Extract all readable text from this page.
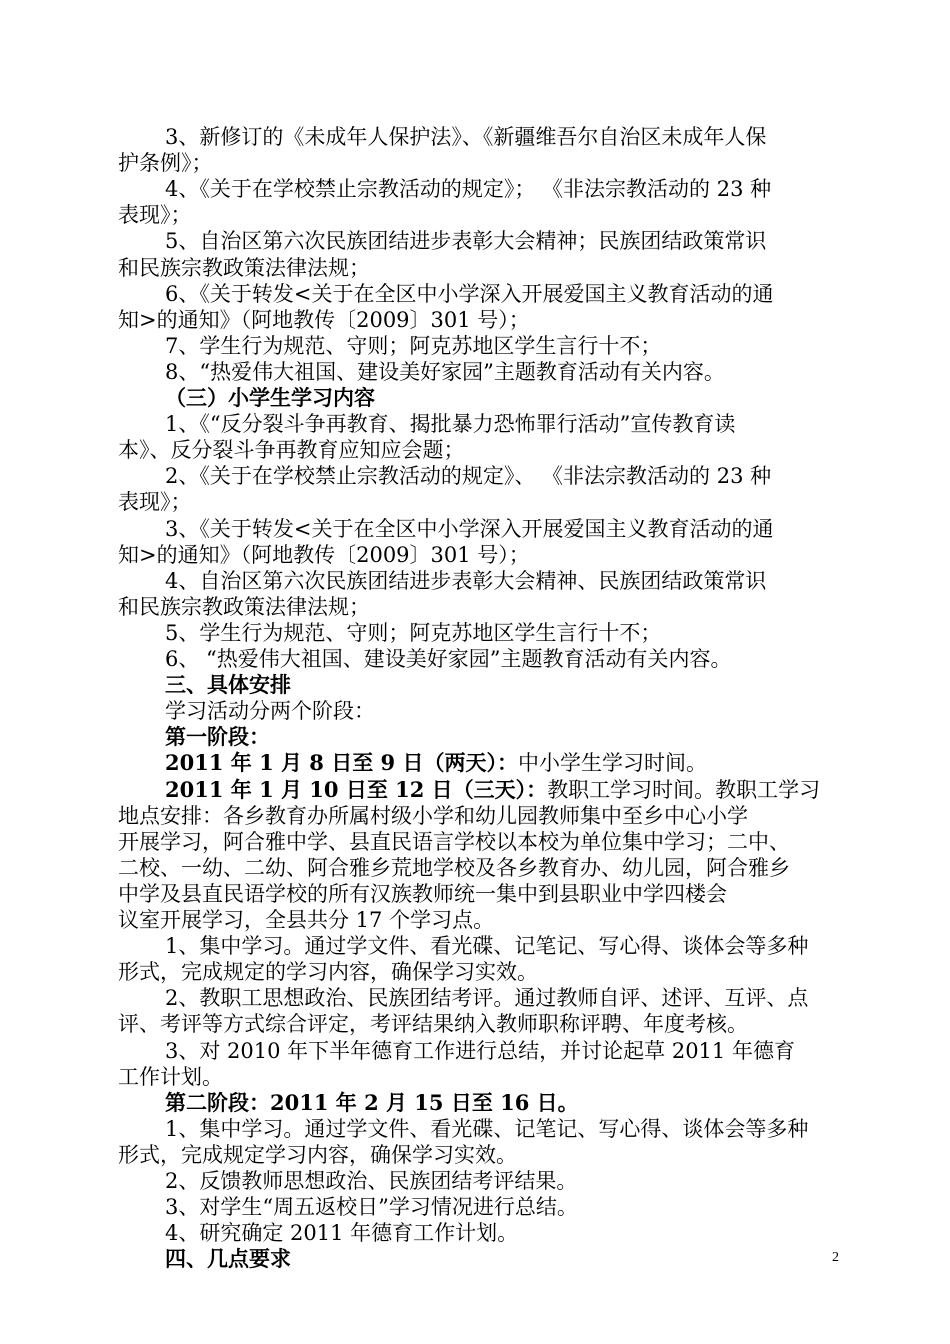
3、新修订的《未成年人保护法》、《新疆维吾尔自治区未成年人保
护条例》；
4、《关于在学校禁止宗教活动的规定》； 《非法宗教活动的 23 种
表现》；
5、自治区第六次民族团结进步表彰大会精神；民族团结政策常识
和民族宗教政策法律法规；
6、《关于转发<关于在全区中小学深入开展爱国主义教育活动的通
知>的通知》（阿地教传〔2009〕301 号）；
7、学生行为规范、守则；阿克苏地区学生言行十不；
8、“热爱伟大祖国、建设美好家园”主题教育活动有关内容。
（三）小学生学习内容
1、《“反分裂斗争再教育、揭批暴力恐怖罪行活动”宣传教育读
本》、反分裂斗争再教育应知应会题；
2、《关于在学校禁止宗教活动的规定》、 《非法宗教活动的 23 种
表现》；
3、《关于转发<关于在全区中小学深入开展爱国主义教育活动的通
知>的通知》（阿地教传〔2009〕301 号）；
4、自治区第六次民族团结进步表彰大会精神、民族团结政策常识
和民族宗教政策法律法规；
5、学生行为规范、守则；阿克苏地区学生言行十不；
6、 “热爱伟大祖国、建设美好家园”主题教育活动有关内容。
三、具体安排
学习活动分两个阶段：
第一阶段：
2011 年 1 月 8 日至 9 日（两天）：中小学生学习时间。
2011 年 1 月 10 日至 12 日（三天）：教职工学习时间。教职工学习
地点安排：各乡教育办所属村级小学和幼儿园教师集中至乡中心小学
开展学习，阿合雅中学、县直民语言学校以本校为单位集中学习；二中、
二校、一幼、二幼、阿合雅乡荒地学校及各乡教育办、幼儿园，阿合雅乡
中学及县直民语学校的所有汉族教师统一集中到县职业中学四楼会
议室开展学习，全县共分 17 个学习点。
1、集中学习。通过学文件、看光碟、记笔记、写心得、谈体会等多种
形式，完成规定的学习内容，确保学习实效。
2、教职工思想政治、民族团结考评。通过教师自评、述评、互评、点
评、考评等方式综合评定，考评结果纳入教师职称评聘、年度考核。
3、对 2010 年下半年德育工作进行总结，并讨论起草 2011 年德育
工作计划。
第二阶段：2011 年 2 月 15 日至 16 日。
1、集中学习。通过学文件、看光碟、记笔记、写心得、谈体会等多种
形式，完成规定学习内容，确保学习实效。
2、反馈教师思想政治、民族团结考评结果。
3、对学生“周五返校日”学习情况进行总结。
4、研究确定 2011 年德育工作计划。
四、几点要求	2
